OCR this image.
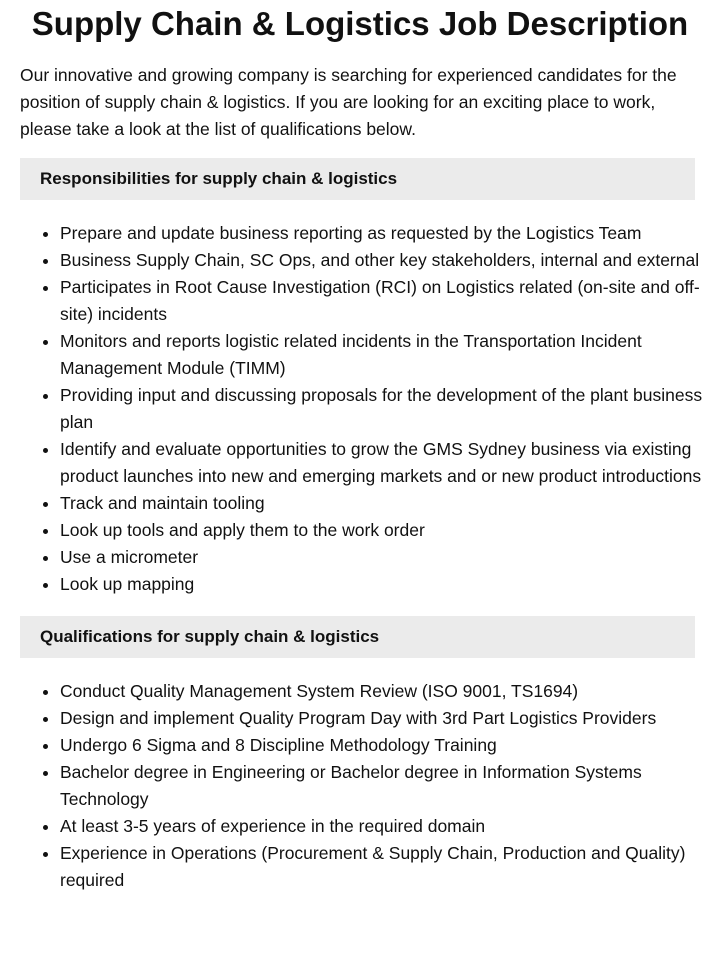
Supply Chain & Logistics Job Description

Our innovative and growing company is searching for experienced candidates for the position of supply chain & logistics. If you are looking for an exciting place to work, please take a look at the list of qualifications below.

Responsibilities for supply chain & logistics
• Prepare and update business reporting as requested by the Logistics Team
• Business Supply Chain, SC Ops, and other key stakeholders, internal and external
• Participates in Root Cause Investigation (RCI) on Logistics related (on-site and off-site) incidents
• Monitors and reports logistic related incidents in the Transportation Incident Management Module (TIMM)
• Providing input and discussing proposals for the development of the plant business plan
• Identify and evaluate opportunities to grow the GMS Sydney business via existing product launches into new and emerging markets and or new product introductions
• Track and maintain tooling
• Look up tools and apply them to the work order
• Use a micrometer
• Look up mapping
Qualifications for supply chain & logistics
• Conduct Quality Management System Review (ISO 9001, TS1694)
• Design and implement Quality Program Day with 3rd Part Logistics Providers
• Undergo 6 Sigma and 8 Discipline Methodology Training
• Bachelor degree in Engineering or Bachelor degree in Information Systems Technology
• At least 3-5 years of experience in the required domain
• Experience in Operations (Procurement & Supply Chain, Production and Quality) required
